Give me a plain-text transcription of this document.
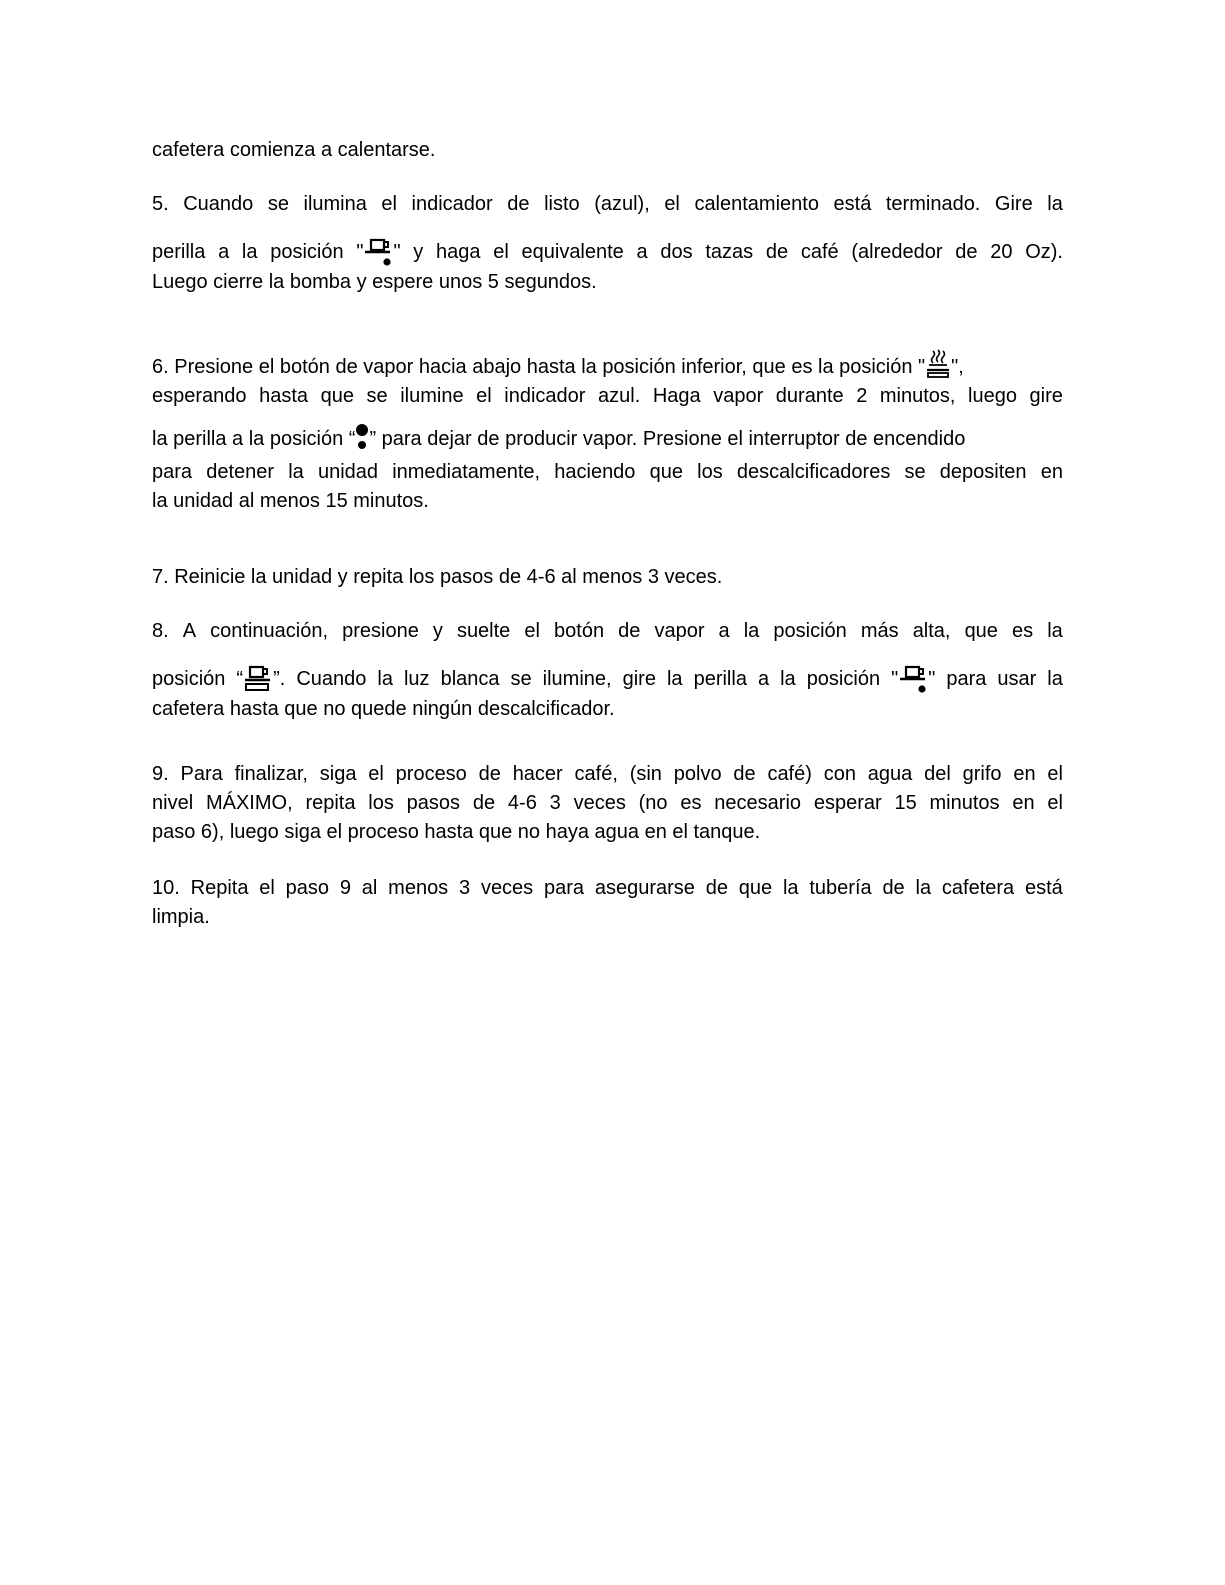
cafetera comienza a calentarse.
5. Cuando se ilumina el indicador de listo (azul), el calentamiento está terminado. Gire la
perilla a la posición " " y haga el equivalente a dos tazas de café (alrededor de 20 Oz).
Luego cierre la bomba y espere unos 5 segundos.
6. Presione el botón de vapor hacia abajo hasta la posición inferior, que es la posición " ",
esperando hasta que se ilumine el indicador azul. Haga vapor durante 2 minutos, luego gire
la perilla a la posición “ ” para dejar de producir vapor. Presione el interruptor de encendido
para detener la unidad inmediatamente, haciendo que los descalcificadores se depositen en
la unidad al menos 15 minutos.
7. Reinicie la unidad y repita los pasos de 4-6 al menos 3 veces.
8. A continuación, presione y suelte el botón de vapor a la posición más alta, que es la
posición “ ”. Cuando la luz blanca se ilumine, gire la perilla a la posición " " para usar la
cafetera hasta que no quede ningún descalcificador.
9. Para finalizar, siga el proceso de hacer café, (sin polvo de café) con agua del grifo en el
nivel MÁXIMO, repita los pasos de 4-6 3 veces (no es necesario esperar 15 minutos en el
paso 6), luego siga el proceso hasta que no haya agua en el tanque.
10. Repita el paso 9 al menos 3 veces para asegurarse de que la tubería de la cafetera está
limpia.
